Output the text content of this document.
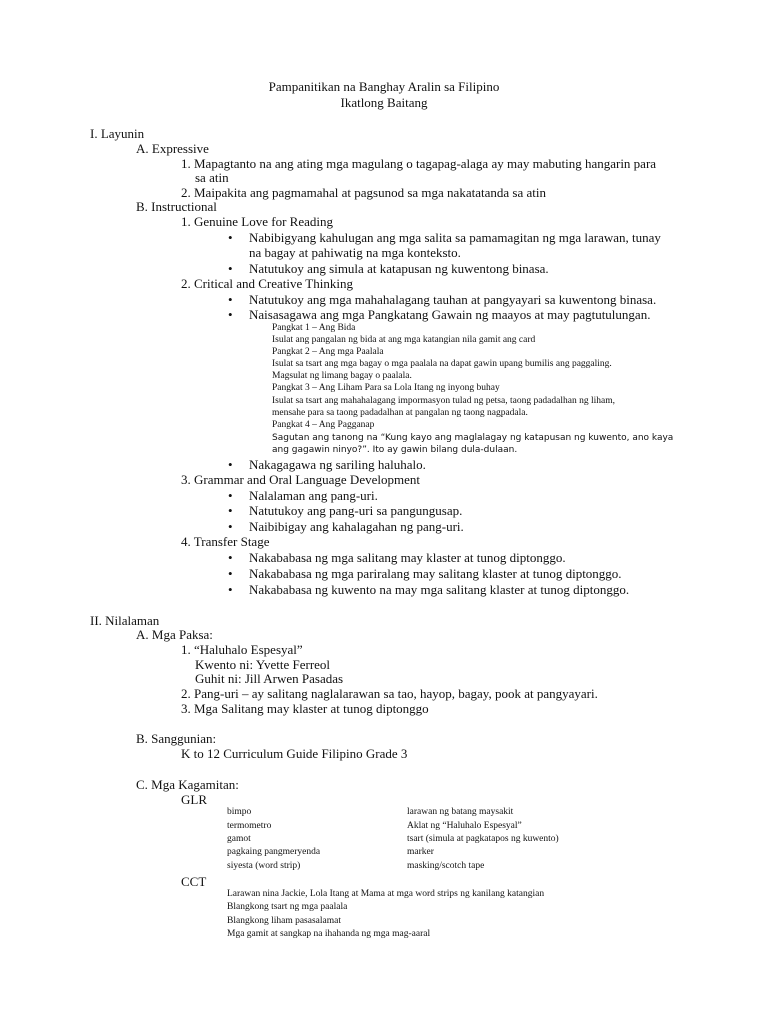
Pampanitikan na Banghay Aralin sa Filipino
Ikatlong Baitang
I. Layunin
A. Expressive
1. Mapagtanto na ang ating mga magulang o tagapag-alaga ay may mabuting hangarin para
sa atin
2. Maipakita ang pagmamahal at pagsunod sa mga nakatatanda sa atin
B. Instructional
1. Genuine Love for Reading
• Nabibigyang kahulugan ang mga salita sa pamamagitan ng mga larawan, tunay
na bagay at pahiwatig na mga konteksto.
• Natutukoy ang simula at katapusan ng kuwentong binasa.
2. Critical and Creative Thinking
• Natutukoy ang mga mahahalagang tauhan at pangyayari sa kuwentong binasa.
• Naisasagawa ang mga Pangkatang Gawain ng maayos at may pagtutulungan.
Pangkat 1 – Ang Bida
Isulat ang pangalan ng bida at ang mga katangian nila gamit ang card
Pangkat 2 – Ang mga Paalala
Isulat sa tsart ang mga bagay o mga paalala na dapat gawin upang bumilis ang paggaling.
Magsulat ng limang bagay o paalala.
Pangkat 3 – Ang Liham Para sa Lola Itang ng inyong buhay
Isulat sa tsart ang mahahalagang impormasyon tulad ng petsa, taong padadalhan ng liham,
mensahe para sa taong padadalhan at pangalan ng taong nagpadala.
Pangkat 4 – Ang Pagganap
Sagutan ang tanong na “Kung kayo ang maglalagay ng katapusan ng kuwento, ano kaya
ang gagawin ninyo?”. Ito ay gawin bilang dula-dulaan.
• Nakagagawa ng sariling haluhalo.
3. Grammar and Oral Language Development
• Nalalaman ang pang-uri.
• Natutukoy ang pang-uri sa pangungusap.
• Naibibigay ang kahalagahan ng pang-uri.
4. Transfer Stage
• Nakababasa ng mga salitang may klaster at tunog diptonggo.
• Nakababasa ng mga pariralang may salitang klaster at tunog diptonggo.
• Nakababasa ng kuwento na may mga salitang klaster at tunog diptonggo.
II. Nilalaman
A. Mga Paksa:
1. “Haluhalo Espesyal”
Kwento ni: Yvette Ferreol
Guhit ni: Jill Arwen Pasadas
2. Pang-uri – ay salitang naglalarawan sa tao, hayop, bagay, pook at pangyayari.
3. Mga Salitang may klaster at tunog diptonggo
B. Sanggunian:
K to 12 Curriculum Guide Filipino Grade 3
C. Mga Kagamitan:
GLR
bimpo
termometro
gamot
pagkaing pangmeryenda
siyesta (word strip)
larawan ng batang maysakit
Aklat ng “Haluhalo Espesyal”
tsart (simula at pagkatapos ng kuwento)
marker
masking/scotch tape
CCT
Larawan nina Jackie, Lola Itang at Mama at mga word strips ng kanilang katangian
Blangkong tsart ng mga paalala
Blangkong liham pasasalamat
Mga gamit at sangkap na ihahanda ng mga mag-aaral
